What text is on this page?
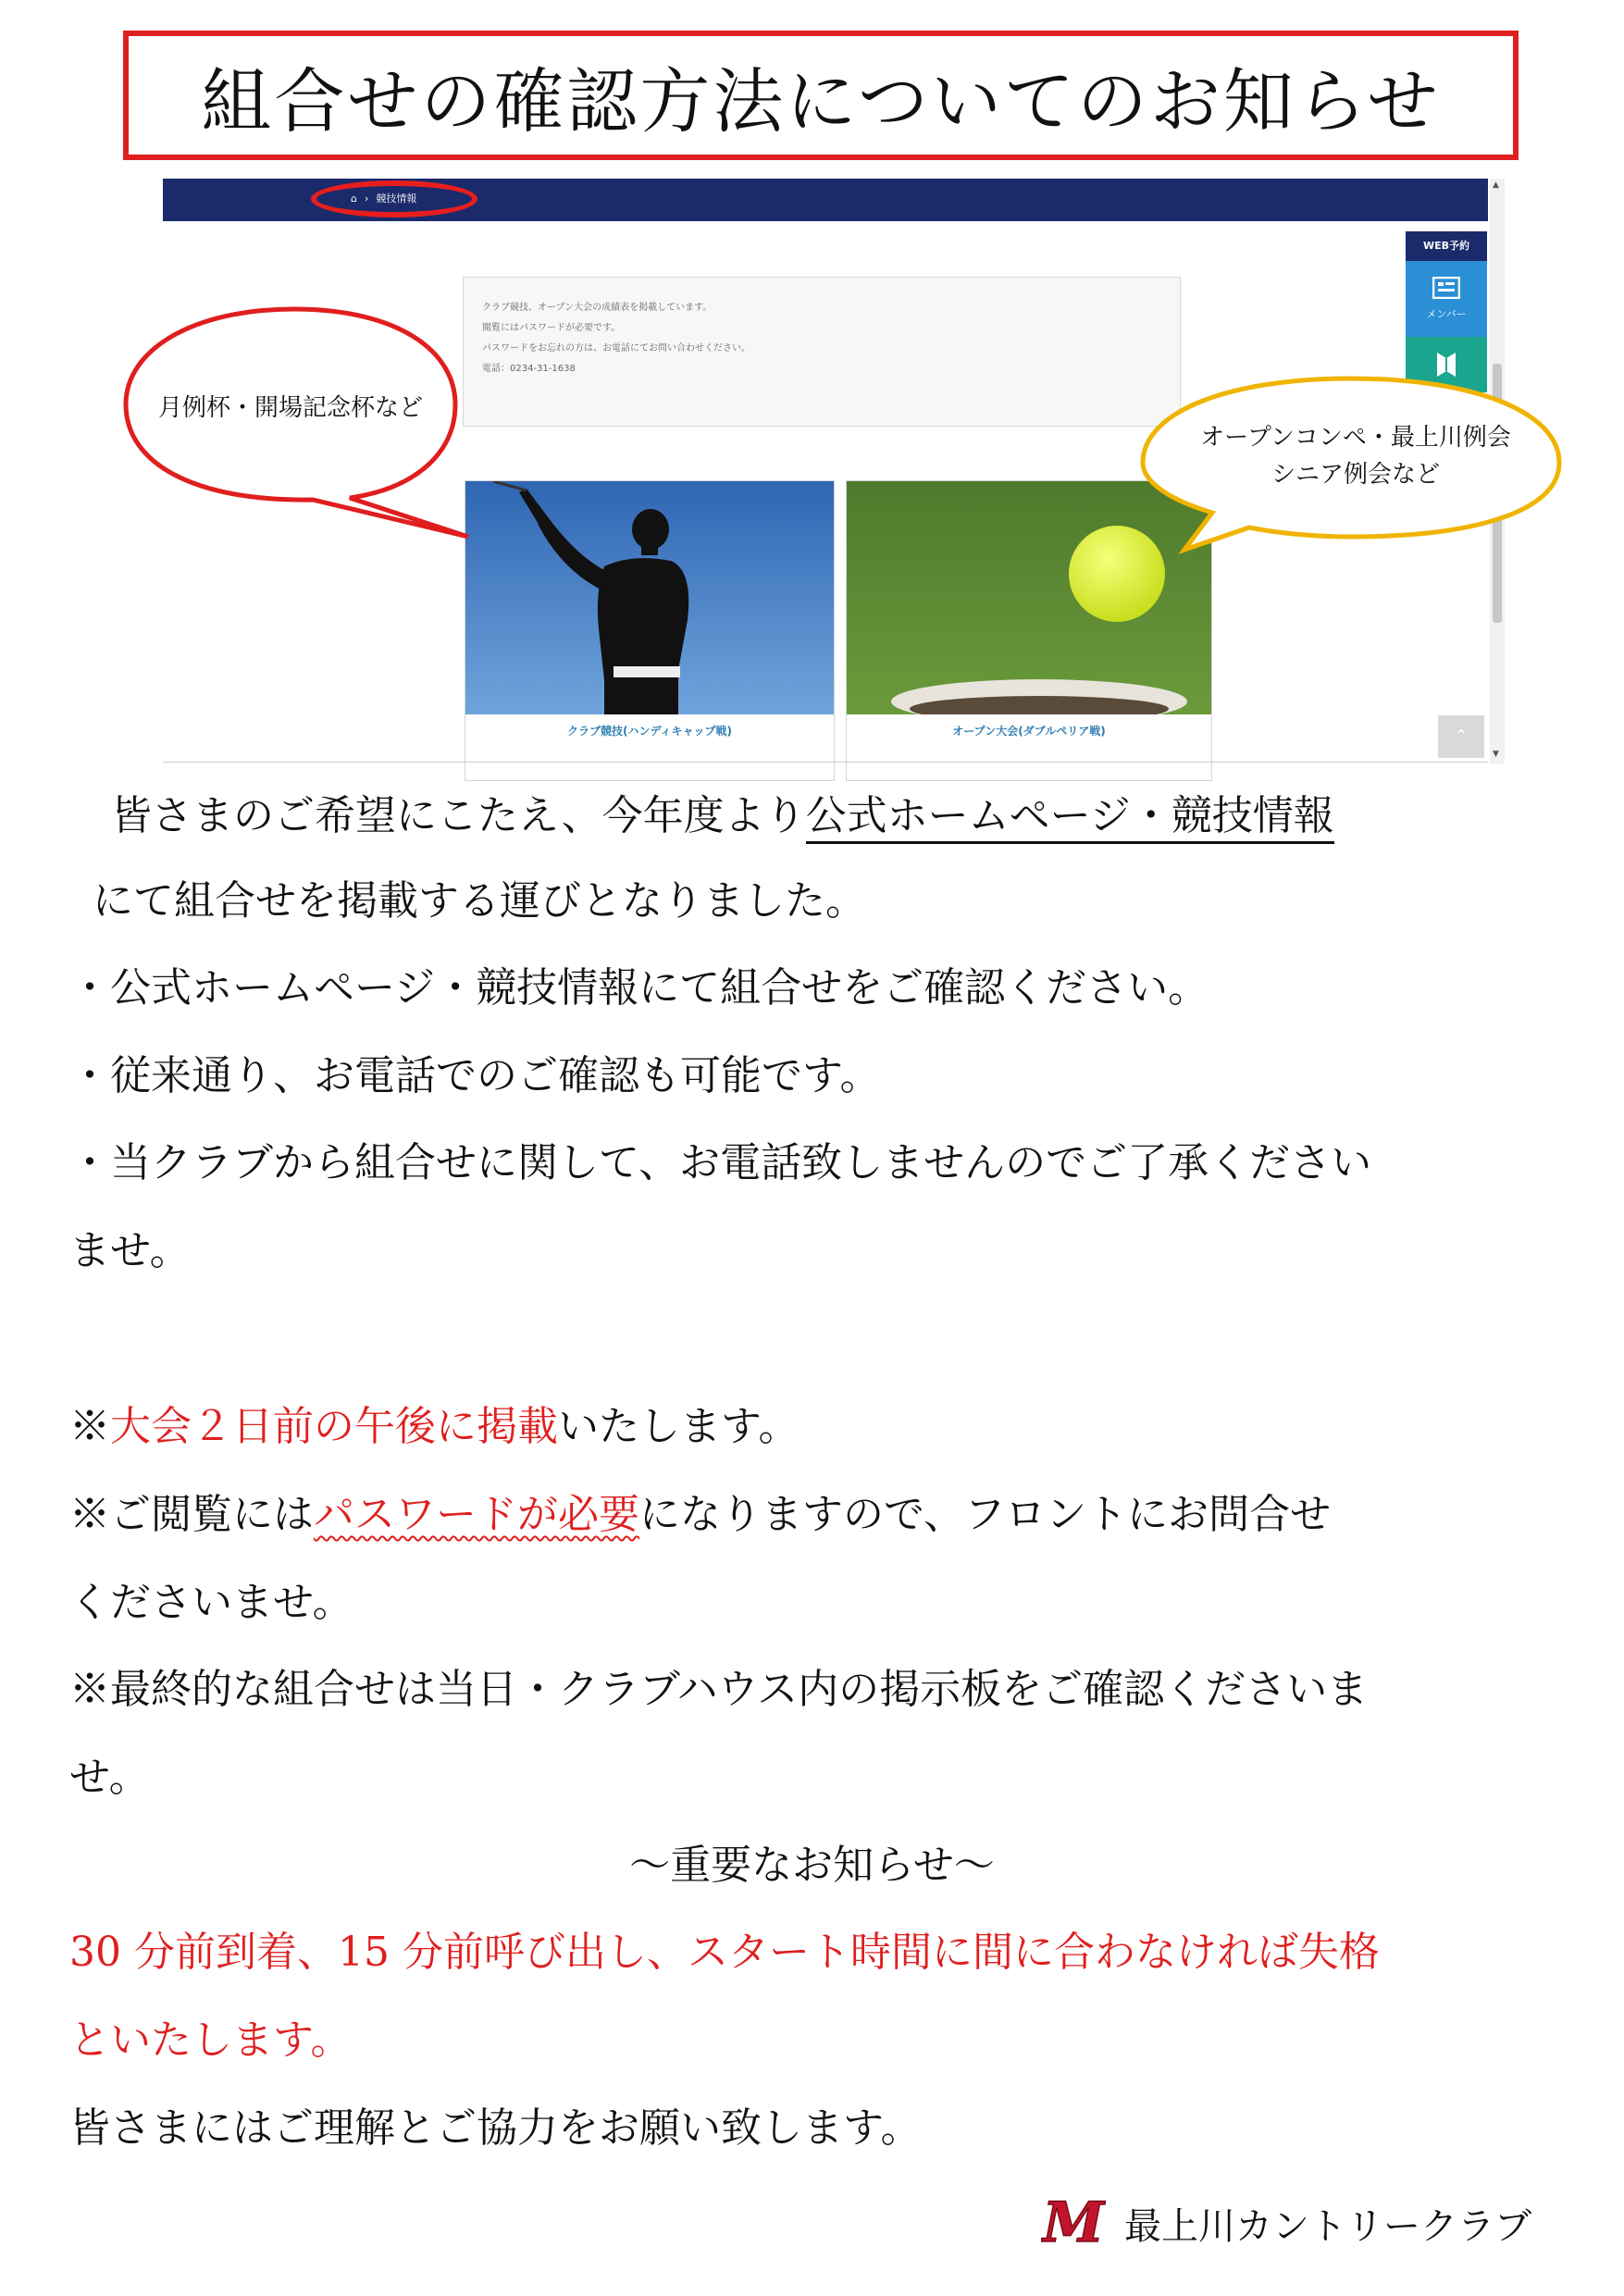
組合せの確認方法についてのお知らせ
⌂ › 競技情報
WEB予約
メンバー
クラブ競技、オープン大会の成績表を掲載しています。
閲覧にはパスワードが必要です。
パスワードをお忘れの方は、お電話にてお問い合わせください。
電話：0234-31-1638
クラブ競技(ハンディキャップ戦)	オープン大会(ダブルペリア戦)	⌃
▲
▼
月例杯・開場記念杯など
オープンコンペ・最上川例会
シニア例会など
皆さまのご希望にこたえ、今年度より公式ホームページ・競技情報
にて組合せを掲載する運びとなりました。
・公式ホームページ・競技情報にて組合せをご確認ください。
・従来通り、お電話でのご確認も可能です。
・当クラブから組合せに関して、お電話致しませんのでご了承ください
ませ。
※大会２日前の午後に掲載いたします。
※ご閲覧にはパスワードが必要になりますので、フロントにお問合せ
くださいませ。
※最終的な組合せは当日・クラブハウス内の掲示板をご確認くださいま
せ。
〜重要なお知らせ〜
30 分前到着、15 分前呼び出し、スタート時間に間に合わなければ失格
といたします。
皆さまにはご理解とご協力をお願い致します。
M 最上川カントリークラブ
